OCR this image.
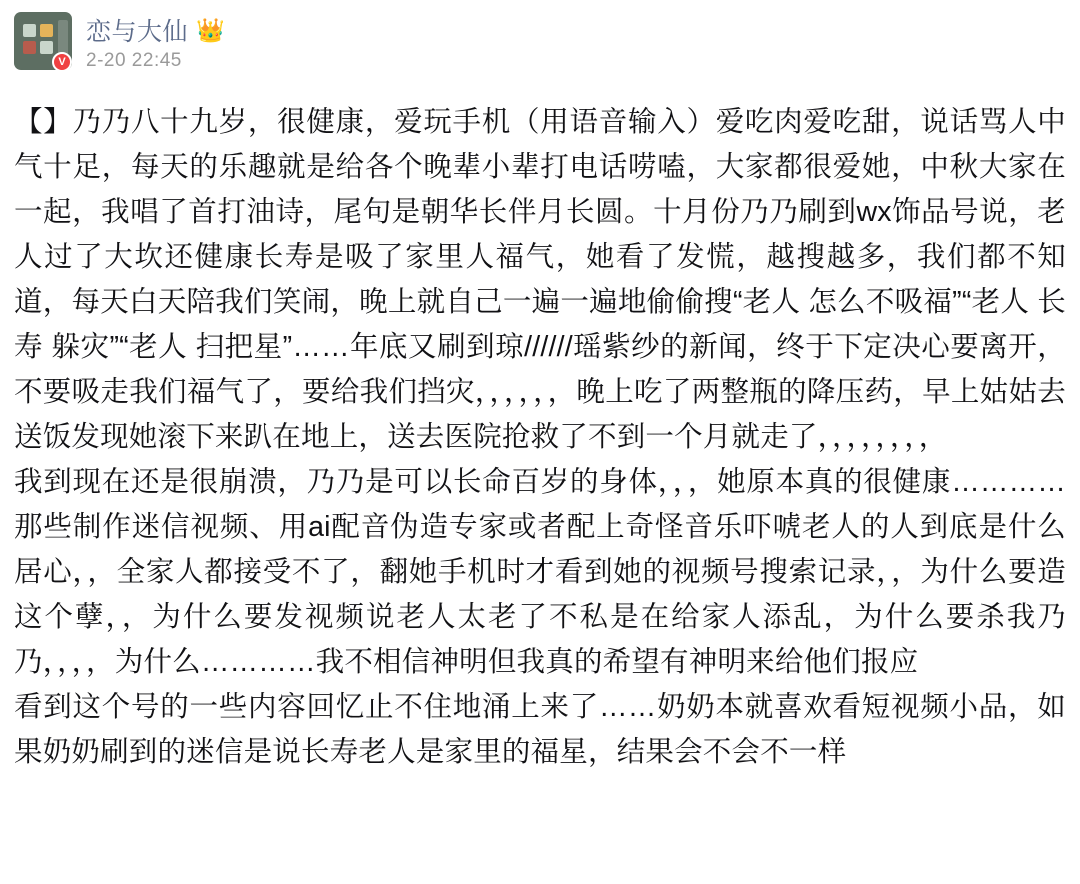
V
恋与大仙 👑
2-20 22:45

【】乃乃八十九岁，很健康，爱玩手机（用语音输入）爱吃肉爱吃甜，说话骂人中气十足，每天的乐趣就是给各个晚辈小辈打电话唠嗑，大家都很爱她，中秋大家在一起，我唱了首打油诗，尾句是朝华长伴月长圆。十月份乃乃刷到wx饰品号说，老人过了大坎还健康长寿是吸了家里人福气，她看了发慌，越搜越多，我们都不知道，每天白天陪我们笑闹，晚上就自己一遍一遍地偷偷搜“老人 怎么不吸福”“老人 长寿 躲灾”“老人 扫把星”……年底又刷到琼//////瑶紫纱的新闻，终于下定决心要离开，不要吸走我们福气了，要给我们挡灾，，，，，，晚上吃了两整瓶的降压药，早上姑姑去送饭发现她滚下来趴在地上，送去医院抢救了不到一个月就走了，，，，，，，，

我到现在还是很崩溃，乃乃是可以长命百岁的身体，，，她原本真的很健康…………那些制作迷信视频、用ai配音伪造专家或者配上奇怪音乐吓唬老人的人到底是什么居心，，全家人都接受不了，翻她手机时才看到她的视频号搜索记录，，为什么要造这个孽，，为什么要发视频说老人太老了不私是在给家人添乱，为什么要杀我乃乃，，，，为什么…………我不相信神明但我真的希望有神明来给他们报应

看到这个号的一些内容回忆止不住地涌上来了……奶奶本就喜欢看短视频小品，如果奶奶刷到的迷信是说长寿老人是家里的福星，结果会不会不一样
